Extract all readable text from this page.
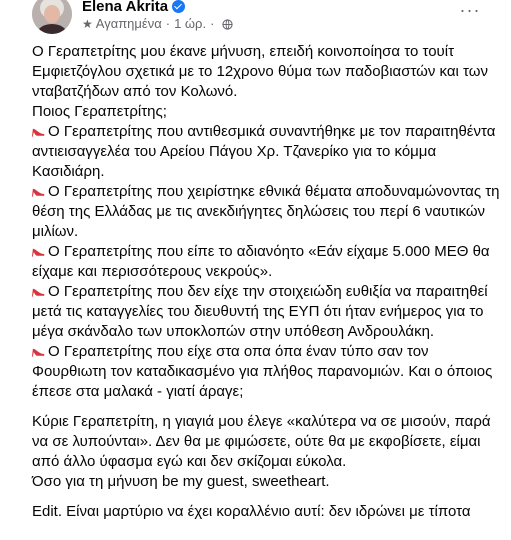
Elena Akrita
★ Αγαπημένα · 1 ώρ. ·
···

Ο Γεραπετρίτης μου έκανε μήνυση, επειδή κοινοποίησα το τουίτ Εμφιετζόγλου σχετικά με το 12χρονο θύμα των παδοβιαστών και των νταβατζήδων από τον Κολωνό.

Ποιος Γεραπετρίτης;

Ο Γεραπετρίτης που αντιθεσμικά συναντήθηκε με τον παραιτηθέντα αντιεισαγγελέα του Αρείου Πάγου Χρ. Τζανερίκο για το κόμμα Κασιδιάρη.

Ο Γεραπετρίτης που χειρίστηκε εθνικά θέματα αποδυναμώνοντας τη θέση της Ελλάδας με τις ανεκδιήγητες δηλώσεις του περί 6 ναυτικών μιλίων.

Ο Γεραπετρίτης που είπε το αδιανόητο «Εάν είχαμε 5.000 ΜΕΘ θα είχαμε και περισσότερους νεκρούς».

Ο Γεραπετρίτης που δεν είχε την στοιχειώδη ευθιξία να παραιτηθεί μετά τις καταγγελίες του διευθυντή της ΕΥΠ ότι ήταν ενήμερος για το μέγα σκάνδαλο των υποκλοπών στην υπόθεση Ανδρουλάκη.

Ο Γεραπετρίτης που είχε στα οπα όπα έναν τύπο σαν τον Φουρθιωτη τον καταδικασμένο για πλήθος παρανομιών. Και ο όποιος έπεσε στα μαλακά - γιατί άραγε;

Κύριε Γεραπετρίτη, η γιαγιά μου έλεγε «καλύτερα να σε μισούν, παρά να σε λυπούνται». Δεν θα με φιμώσετε, ούτε θα με εκφοβίσετε, είμαι από άλλο ύφασμα εγώ και δεν σκίζομαι εύκολα.

Όσο για τη μήνυση be my guest, sweetheart.

Edit. Είναι μαρτύριο να έχει κοραλλένιο αυτί: δεν ιδρώνει με τίποτα
